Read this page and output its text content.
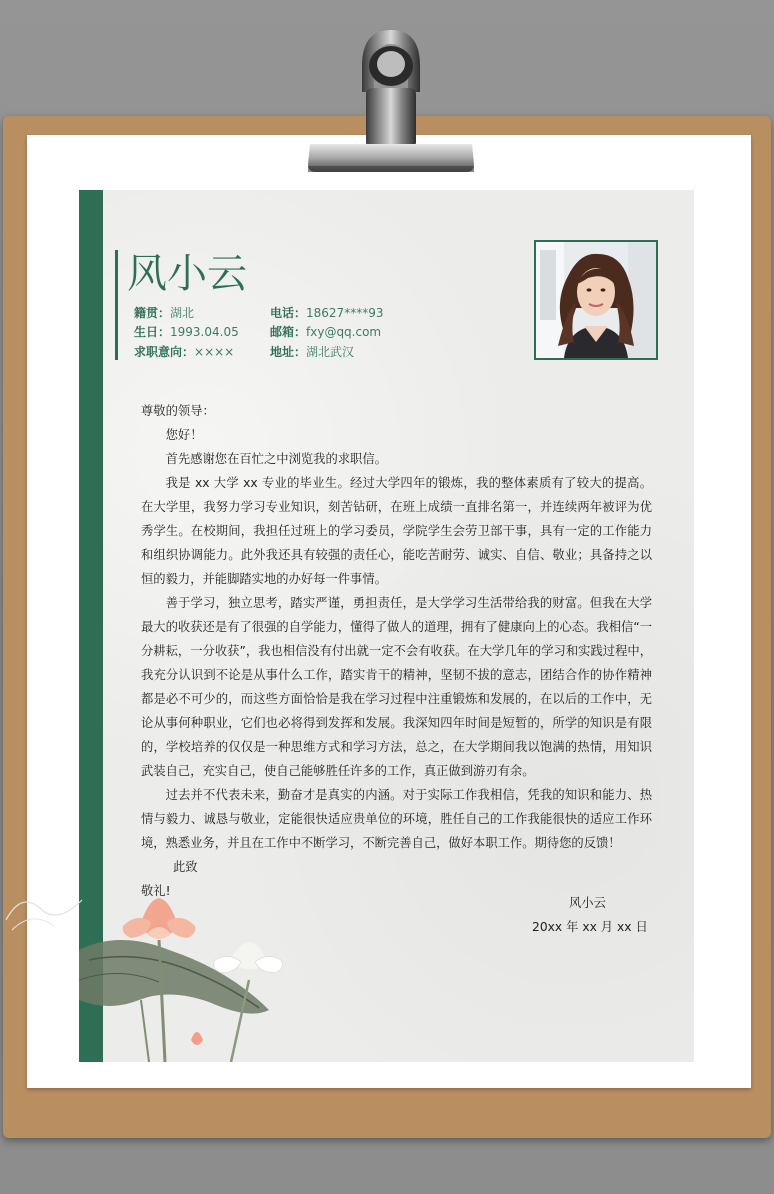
风小云
籍贯：湖北
生日：1993.04.05
求职意向：××××
电话：18627****93
邮箱：fxy@qq.com
地址：湖北武汉

尊敬的领导：

您好！

首先感谢您在百忙之中浏览我的求职信。

我是 xx 大学 xx 专业的毕业生。经过大学四年的锻炼，我的整体素质有了较大的提高。在大学里，我努力学习专业知识，刻苦钻研，在班上成绩一直排名第一，并连续两年被评为优秀学生。在校期间，我担任过班上的学习委员，学院学生会劳卫部干事，具有一定的工作能力和组织协调能力。此外我还具有较强的责任心，能吃苦耐劳、诚实、自信、敬业；具备持之以恒的毅力，并能脚踏实地的办好每一件事情。

善于学习，独立思考，踏实严谨，勇担责任，是大学学习生活带给我的财富。但我在大学最大的收获还是有了很强的自学能力，懂得了做人的道理，拥有了健康向上的心态。我相信“一分耕耘，一分收获”，我也相信没有付出就一定不会有收获。在大学几年的学习和实践过程中，我充分认识到不论是从事什么工作，踏实肯干的精神，坚韧不拔的意志，团结合作的协作精神都是必不可少的，而这些方面恰恰是我在学习过程中注重锻炼和发展的，在以后的工作中，无论从事何种职业，它们也必将得到发挥和发展。我深知四年时间是短暂的，所学的知识是有限的，学校培养的仅仅是一种思维方式和学习方法，总之，在大学期间我以饱满的热情，用知识武装自己，充实自己，使自己能够胜任许多的工作，真正做到游刃有余。

过去并不代表未来，勤奋才是真实的内涵。对于实际工作我相信，凭我的知识和能力、热情与毅力、诚恳与敬业，定能很快适应贵单位的环境，胜任自己的工作我能很快的适应工作环境，熟悉业务，并且在工作中不断学习，不断完善自己，做好本职工作。期待您的反馈！

此致

敬礼!

风小云
20xx 年 xx 月 xx 日
